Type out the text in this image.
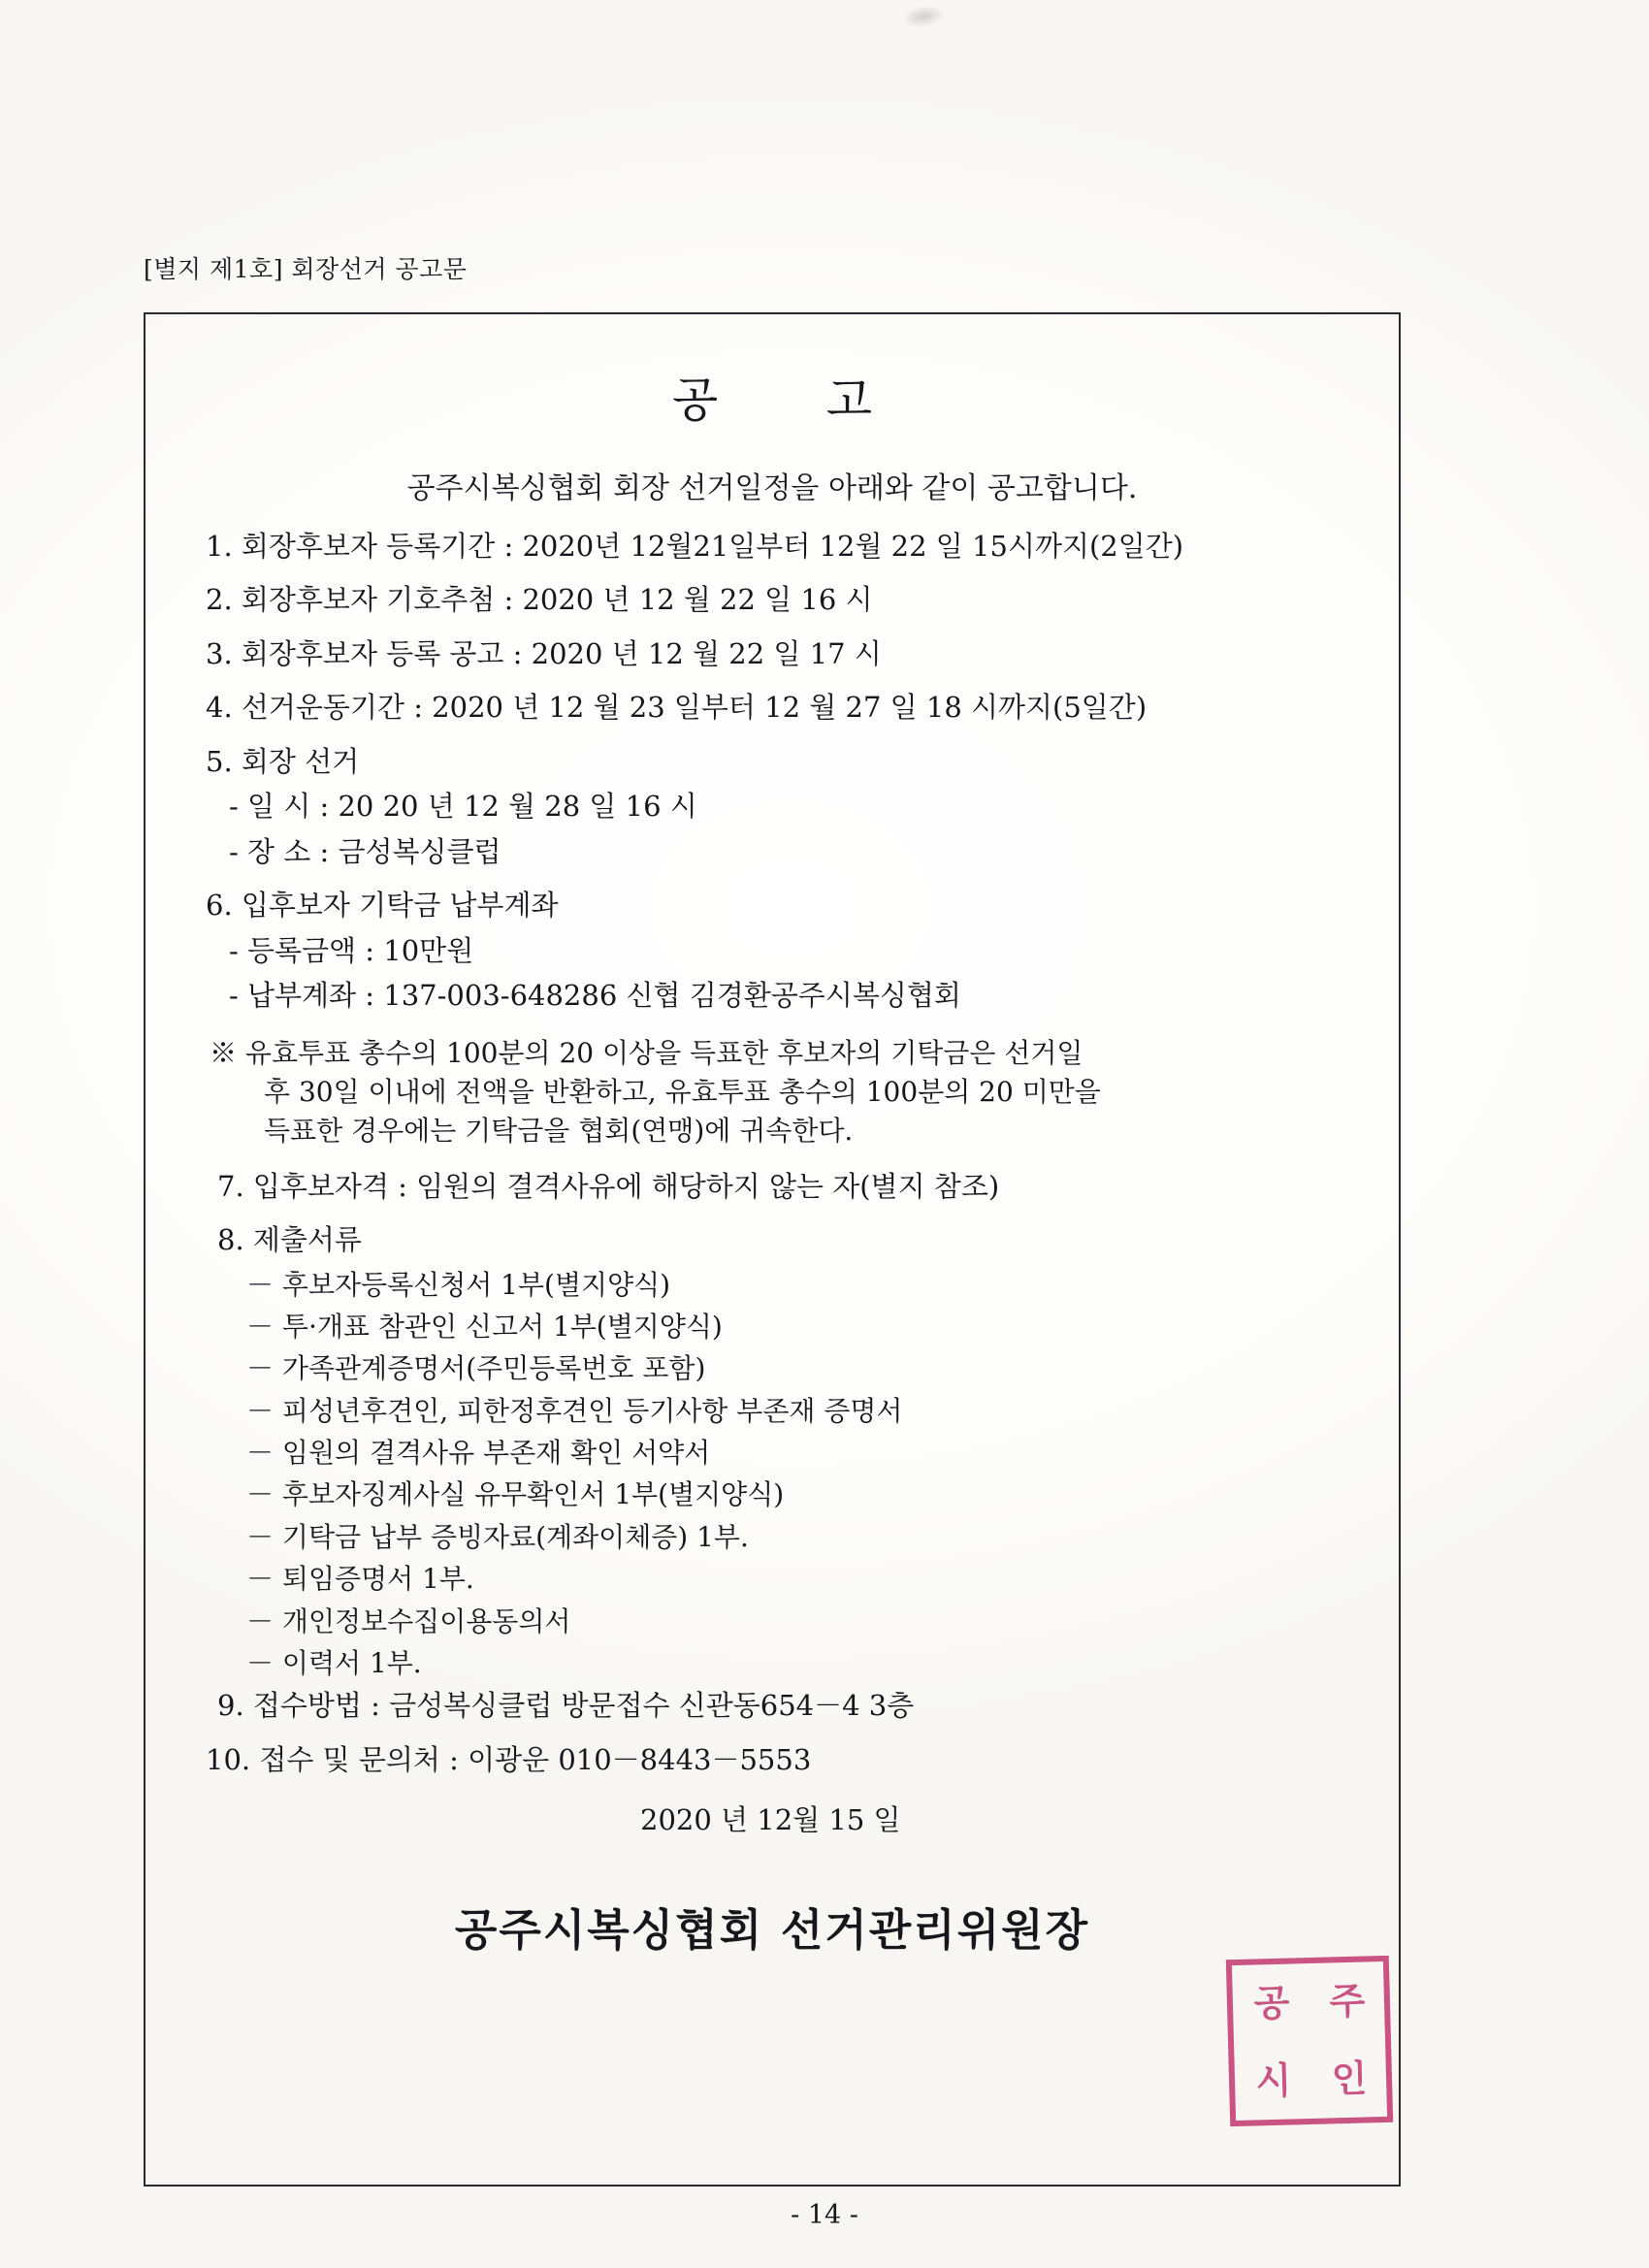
[별지 제1호] 회장선거 공고문
공 고
공주시복싱협회 회장 선거일정을 아래와 같이 공고합니다.
1. 회장후보자 등록기간 : 2020년 12월21일부터 12월 22 일 15시까지(2일간)
2. 회장후보자 기호추첨 : 2020 년 12 월 22 일 16 시
3. 회장후보자 등록 공고 : 2020 년 12 월 22 일 17 시
4. 선거운동기간 : 2020 년 12 월 23 일부터 12 월 27 일 18 시까지(5일간)
5. 회장 선거
- 일 시 : 20 20 년 12 월 28 일 16 시
- 장 소 : 금성복싱클럽
6. 입후보자 기탁금 납부계좌
- 등록금액 : 10만원
- 납부계좌 : 137-003-648286 신협 김경환공주시복싱협회
※ 유효투표 총수의 100분의 20 이상을 득표한 후보자의 기탁금은 선거일
후 30일 이내에 전액을 반환하고, 유효투표 총수의 100분의 20 미만을
득표한 경우에는 기탁금을 협회(연맹)에 귀속한다.
7. 입후보자격 : 임원의 결격사유에 해당하지 않는 자(별지 참조)
8. 제출서류
－ 후보자등록신청서 1부(별지양식)
－ 투·개표 참관인 신고서 1부(별지양식)
－ 가족관계증명서(주민등록번호 포함)
－ 피성년후견인, 피한정후견인 등기사항 부존재 증명서
－ 임원의 결격사유 부존재 확인 서약서
－ 후보자징계사실 유무확인서 1부(별지양식)
－ 기탁금 납부 증빙자료(계좌이체증) 1부.
－ 퇴임증명서 1부.
－ 개인정보수집이용동의서
－ 이력서 1부.
9. 접수방법 : 금성복싱클럽 방문접수 신관동654－4 3층
10. 접수 및 문의처 : 이광운 010－8443－5553
2020 년 12월 15 일
공주시복싱협회 선거관리위원장
공	주
시	인
- 14 -
